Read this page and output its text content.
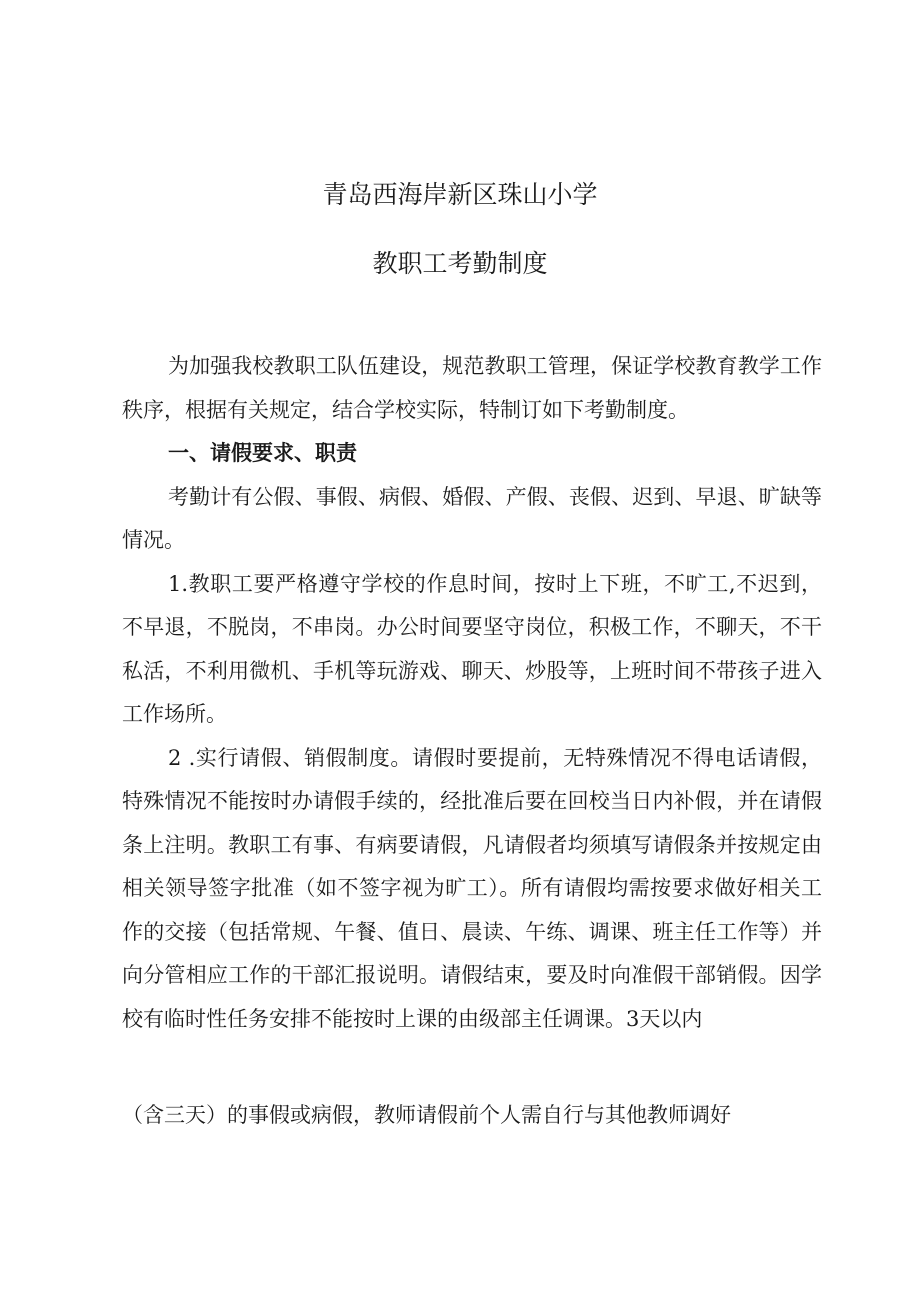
青岛西海岸新区珠山小学
教职工考勤制度

为加强我校教职工队伍建设，规范教职工管理，保证学校教育教学工作秩序，根据有关规定，结合学校实际，特制订如下考勤制度。

一、请假要求、职责

考勤计有公假、事假、病假、婚假、产假、丧假、迟到、早退、旷缺等情况。

1.教职工要严格遵守学校的作息时间，按时上下班，不旷工,不迟到，不早退，不脱岗，不串岗。办公时间要坚守岗位，积极工作，不聊天，不干私活，不利用微机、手机等玩游戏、聊天、炒股等，上班时间不带孩子进入工作场所。

2 .实行请假、销假制度。请假时要提前，无特殊情况不得电话请假，特殊情况不能按时办请假手续的，经批准后要在回校当日内补假，并在请假条上注明。教职工有事、有病要请假，凡请假者均须填写请假条并按规定由相关领导签字批准（如不签字视为旷工）。所有请假均需按要求做好相关工作的交接（包括常规、午餐、值日、晨读、午练、调课、班主任工作等）并向分管相应工作的干部汇报说明。请假结束，要及时向准假干部销假。因学校有临时性任务安排不能按时上课的由级部主任调课。3天以内

（含三天）的事假或病假，教师请假前个人需自行与其他教师调好
